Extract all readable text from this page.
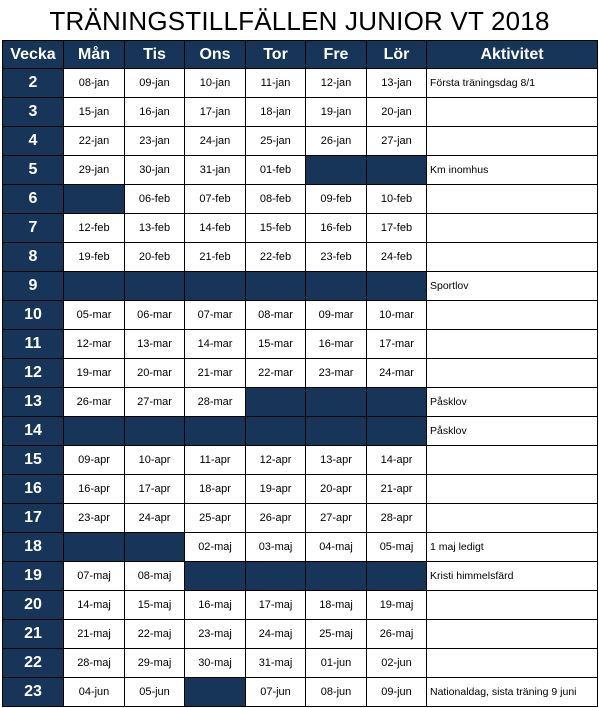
TRÄNINGSTILLFÄLLEN JUNIOR VT 2018
Vecka	Mån	Tis	Ons	Tor	Fre	Lör	Aktivitet
2	08-jan	09-jan	10-jan	11-jan	12-jan	13-jan	Första träningsdag 8/1
3	15-jan	16-jan	17-jan	18-jan	19-jan	20-jan	
4	22-jan	23-jan	24-jan	25-jan	26-jan	27-jan	
5	29-jan	30-jan	31-jan	01-feb			Km inomhus
6		06-feb	07-feb	08-feb	09-feb	10-feb	
7	12-feb	13-feb	14-feb	15-feb	16-feb	17-feb	
8	19-feb	20-feb	21-feb	22-feb	23-feb	24-feb	
9							Sportlov
10	05-mar	06-mar	07-mar	08-mar	09-mar	10-mar	
11	12-mar	13-mar	14-mar	15-mar	16-mar	17-mar	
12	19-mar	20-mar	21-mar	22-mar	23-mar	24-mar	
13	26-mar	27-mar	28-mar				Påsklov
14							Påsklov
15	09-apr	10-apr	11-apr	12-apr	13-apr	14-apr	
16	16-apr	17-apr	18-apr	19-apr	20-apr	21-apr	
17	23-apr	24-apr	25-apr	26-apr	27-apr	28-apr	
18			02-maj	03-maj	04-maj	05-maj	1 maj ledigt
19	07-maj	08-maj					Kristi himmelsfärd
20	14-maj	15-maj	16-maj	17-maj	18-maj	19-maj	
21	21-maj	22-maj	23-maj	24-maj	25-maj	26-maj	
22	28-maj	29-maj	30-maj	31-maj	01-jun	02-jun	
23	04-jun	05-jun		07-jun	08-jun	09-jun	Nationaldag, sista träning 9 juni
